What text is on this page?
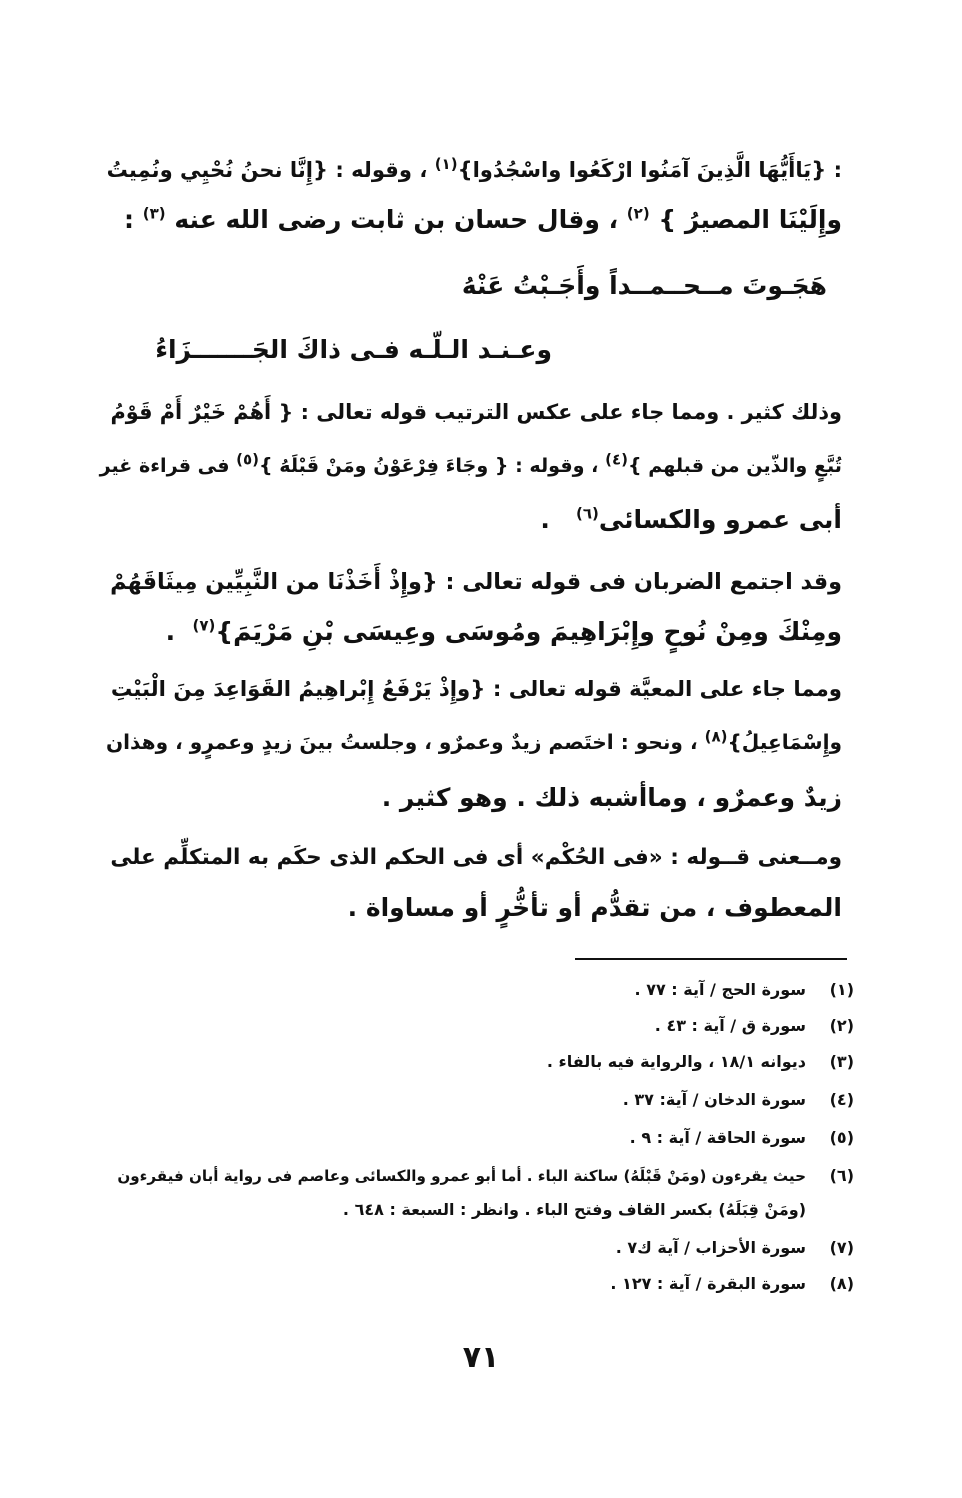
: {يَاأَيُّهَا الَّذِينَ آمَنُوا ارْكَعُوا واسْجُدُوا}$^{(١)}$ ، وقوله : {إِنَّا نحنُ نُحْيِي ونُمِيتُ
وإِلَيْنَا المصيرُ } $^{(٢)}$ ، وقال حسان بن ثابت رضى الله عنه $^{(٣)}$ :
هَجَـوتَ مــحــمــداً وأَجَـبْتُ عَنْهُ
وعـنـد الـلّـه فـى ذاكَ الجَـــــــزَاءُ
وذلك كثير . ومما جاء على عكس الترتيب قوله تعالى : { أَهُمْ خَيْرٌ أَمْ قَوْمُ
تُبَّعٍ والذّين من قبلهم }$^{(٤)}$ ، وقوله : { وجَاءَ فِرْعَوْنُ ومَنْ قَبْلَهُ }$^{(٥)}$ فى قراءة غير
أبى عمرو والكسائى$^{(٦)}$   .
وقد اجتمع الضربان فى قوله تعالى : {وإِذْ أَخَذْنَا من النَّبِيِّين مِيثَاقَهُمْ
ومِنْكَ ومِنْ نُوحٍ وإِبْرَاهِيمَ ومُوسَى وعِيسَى بْنِ مَرْيَمَ}$^{(٧)}$  .
ومما جاء على المعيَّة قوله تعالى : {وإِذْ يَرْفَعُ إِبْراهِيمُ القَوَاعِدَ مِنَ الْبَيْتِ
وإِسْمَاعِيلُ}$^{(٨)}$ ، ونحو : اختَصم زيدٌ وعمرٌو ، وجلستُ بينَ زيدٍ وعمرٍو ، وهذان
زيدٌ وعمرٌو ، وماأشبه ذلك . وهو كثير .
ومــعنى قــوله : «فى الحُكْم» أى فى الحكم الذى حكَم به المتكلِّم على
المعطوف ، من تقدُّم أو تأخُّرٍ أو مساواة .
(١)سورة الحج / آية : ٧٧ .
(٢)سورة ق / آية : ٤٣ .
(٣)ديوانه ١٨/١ ، والرواية فيه بالفاء .
(٤)سورة الدخان / آية: ٣٧ .
(٥)سورة الحاقة / آية : ٩ .
(٦)حيث يقرءون (ومَنْ قَبْلَهُ) ساكنة الباء . أما أبو عمرو والكسائى وعاصم فى رواية أبان فيقرءون
(ومَنْ قِبَلَهُ) بكسر القاف وفتح الباء . وانظر : السبعة : ٦٤٨ .
(٧)سورة الأحزاب / آية ك٧ .
(٨)سورة البقرة / آية : ١٢٧ .
٧١
